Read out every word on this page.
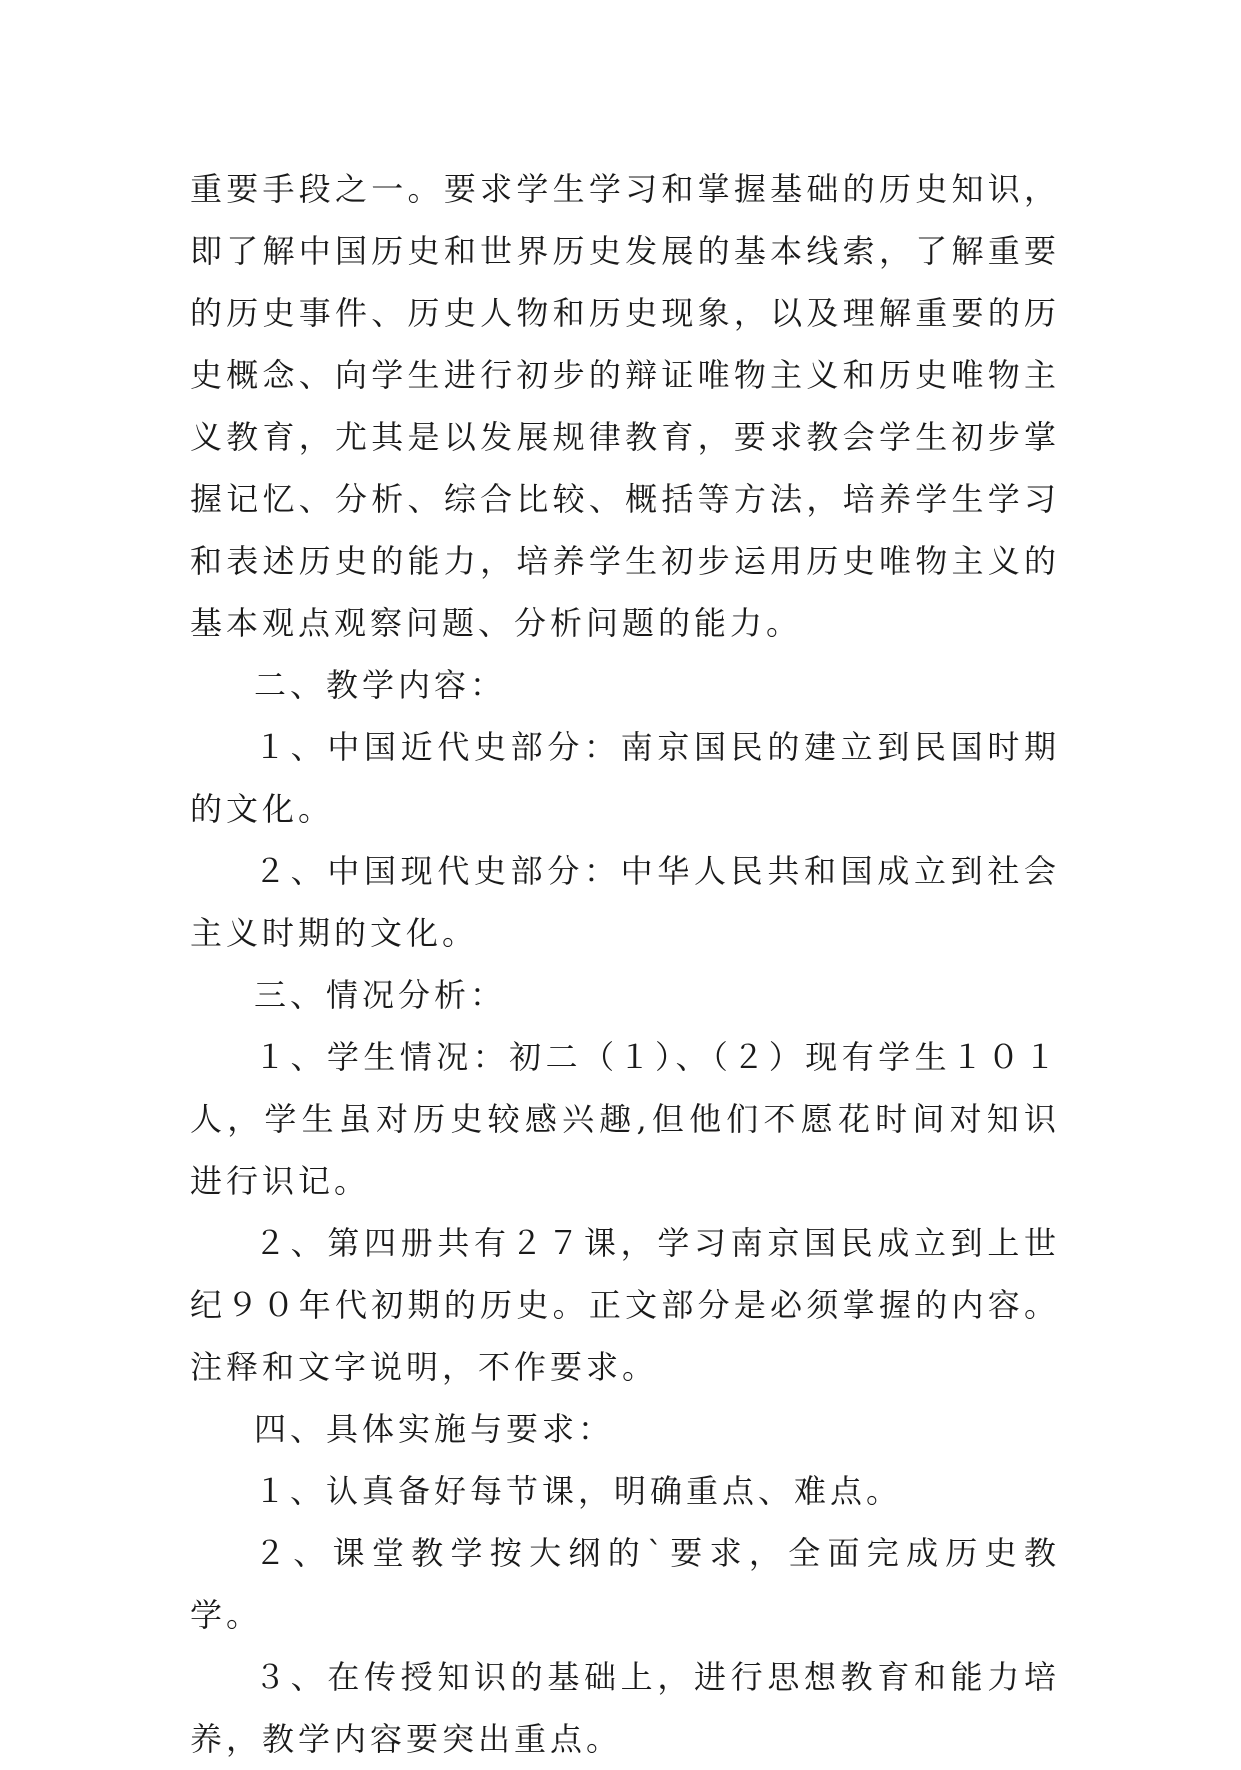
重要手段之一。要求学生学习和掌握基础的历史知识，即了解中国历史和世界历史发展的基本线索，了解重要的历史事件、历史人物和历史现象，以及理解重要的历史概念、向学生进行初步的辩证唯物主义和历史唯物主义教育，尤其是以发展规律教育，要求教会学生初步掌握记忆、分析、综合比较、概括等方法，培养学生学习和表述历史的能力，培养学生初步运用历史唯物主义的基本观点观察问题、分析问题的能力。

二、教学内容：

１、中国近代史部分：南京国民的建立到民国时期的文化。

２、中国现代史部分：中华人民共和国成立到社会主义时期的文化。

三、情况分析：

１、学生情况：初二（１）、（２）现有学生１０１人，学生虽对历史较感兴趣,但他们不愿花时间对知识进行识记。

２、第四册共有２７课，学习南京国民成立到上世纪９０年代初期的历史。正文部分是必须掌握的内容。注释和文字说明，不作要求。

四、具体实施与要求：

１、认真备好每节课，明确重点、难点。

２、课堂教学按大纲的`要求，全面完成历史教学。

３、在传授知识的基础上，进行思想教育和能力培养，教学内容要突出重点。
